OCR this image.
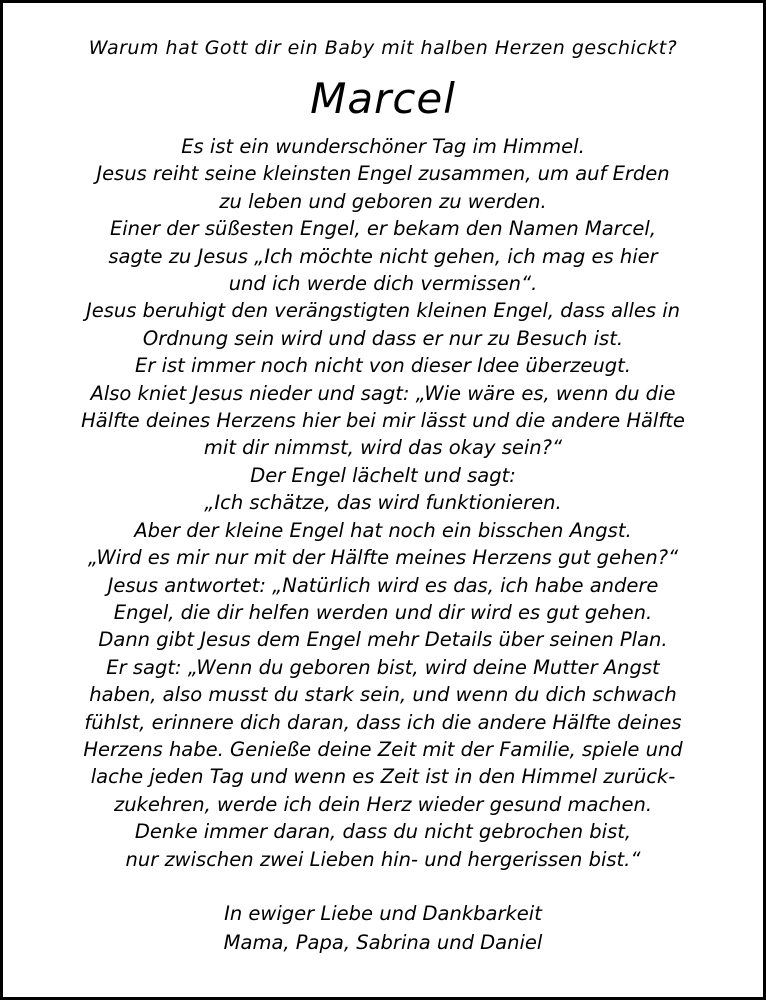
Warum hat Gott dir ein Baby mit halben Herzen geschickt?

Marcel
Es ist ein wunderschöner Tag im Himmel.
Jesus reiht seine kleinsten Engel zusammen, um auf Erden
zu leben und geboren zu werden.
Einer der süßesten Engel, er bekam den Namen Marcel,
sagte zu Jesus „Ich möchte nicht gehen, ich mag es hier
und ich werde dich vermissen“.
Jesus beruhigt den verängstigten kleinen Engel, dass alles in
Ordnung sein wird und dass er nur zu Besuch ist.
Er ist immer noch nicht von dieser Idee überzeugt.
Also kniet Jesus nieder und sagt: „Wie wäre es, wenn du die
Hälfte deines Herzens hier bei mir lässt und die andere Hälfte
mit dir nimmst, wird das okay sein?“
Der Engel lächelt und sagt:
„Ich schätze, das wird funktionieren.
Aber der kleine Engel hat noch ein bisschen Angst.
„Wird es mir nur mit der Hälfte meines Herzens gut gehen?“
Jesus antwortet: „Natürlich wird es das, ich habe andere
Engel, die dir helfen werden und dir wird es gut gehen.
Dann gibt Jesus dem Engel mehr Details über seinen Plan.
Er sagt: „Wenn du geboren bist, wird deine Mutter Angst
haben, also musst du stark sein, und wenn du dich schwach
fühlst, erinnere dich daran, dass ich die andere Hälfte deines
Herzens habe. Genieße deine Zeit mit der Familie, spiele und
lache jeden Tag und wenn es Zeit ist in den Himmel zurück-
zukehren, werde ich dein Herz wieder gesund machen.
Denke immer daran, dass du nicht gebrochen bist,
nur zwischen zwei Lieben hin- und hergerissen bist.“
In ewiger Liebe und Dankbarkeit
Mama, Papa, Sabrina und Daniel
